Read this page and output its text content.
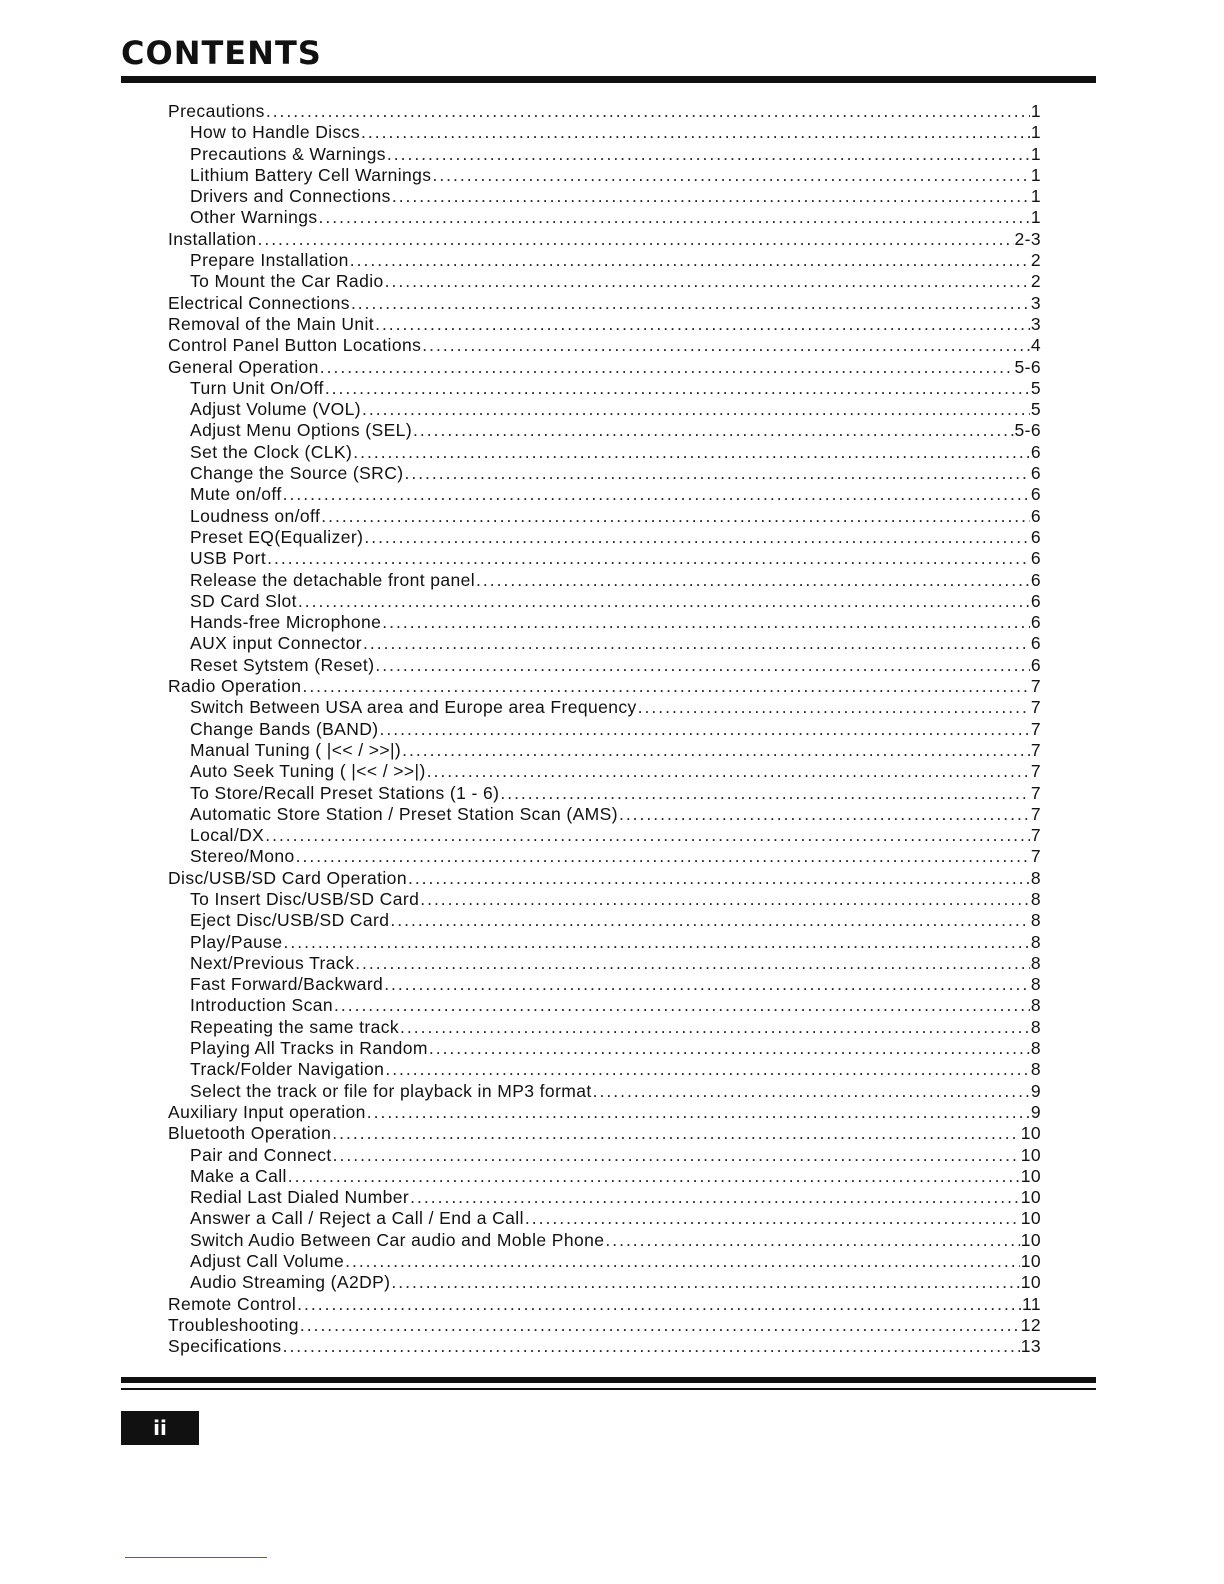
CONTENTS
Precautions .....	1
How to Handle Discs .....	1
Precautions & Warnings .....	1
Lithium Battery Cell Warnings .....	1
Drivers and Connections .....	1
Other Warnings .....	1
Installation .....	2-3
Prepare Installation .....	2
To Mount the Car Radio .....	2
Electrical Connections .....	3
Removal of the Main Unit .....	3
Control Panel Button Locations .....	4
General Operation .....	5-6
Turn Unit On/Off .....	5
Adjust Volume (VOL) .....	5
Adjust Menu Options (SEL) .....	5-6
Set the Clock (CLK) .....	6
Change the Source (SRC) .....	6
Mute on/off .....	6
Loudness on/off .....	6
Preset EQ(Equalizer) .....	6
USB Port .....	6
Release the detachable front panel .....	6
SD Card Slot .....	6
Hands-free Microphone .....	6
AUX input Connector .....	6
Reset Sytstem (Reset) .....	6
Radio Operation .....	7
Switch Between USA area and Europe area Frequency .....	7
Change Bands (BAND) .....	7
Manual Tuning ( |<< / >>|) .....	7
Auto Seek Tuning ( |<< / >>|) .....	7
To Store/Recall Preset Stations (1 - 6) .....	7
Automatic Store Station / Preset Station Scan (AMS) .....	7
Local/DX .....	7
Stereo/Mono .....	7
Disc/USB/SD Card Operation .....	8
To Insert Disc/USB/SD Card .....	8
Eject Disc/USB/SD Card .....	8
Play/Pause .....	8
Next/Previous Track .....	8
Fast Forward/Backward .....	8
Introduction Scan .....	8
Repeating the same track .....	8
Playing All Tracks in Random .....	8
Track/Folder Navigation .....	8
Select the track or file for playback in MP3 format .....	9
Auxiliary Input operation .....	9
Bluetooth Operation .....	10
Pair and Connect .....	10
Make a Call .....	10
Redial Last Dialed Number .....	10
Answer a Call / Reject a Call / End a Call .....	10
Switch Audio Between Car audio and Moble Phone .....	10
Adjust Call Volume .....	10
Audio Streaming (A2DP) .....	10
Remote Control .....	11
Troubleshooting .....	12
Specifications .....	13
ii
